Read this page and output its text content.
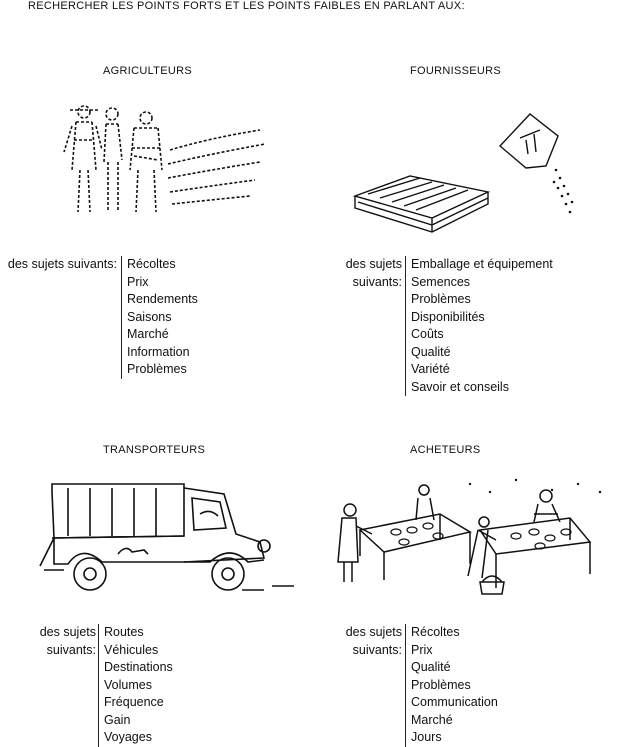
RECHERCHER LES POINTS FORTS ET LES POINTS FAIBLES EN PARLANT AUX:
AGRICULTEURS
des sujets suivants: Récoltes
Prix
Rendements
Saisons
Marché
Information
Problèmes
FOURNISSEURS
des sujets
suivants:
Emballage et équipement
Semences
Problèmes
Disponibilités
Coûts
Qualité
Variété
Savoir et conseils
TRANSPORTEURS
des sujets
suivants:
Routes
Véhicules
Destinations
Volumes
Fréquence
Gain
Voyages
ACHETEURS
des sujets
suivants:
Récoltes
Prix
Qualité
Problèmes
Communication
Marché
Jours
